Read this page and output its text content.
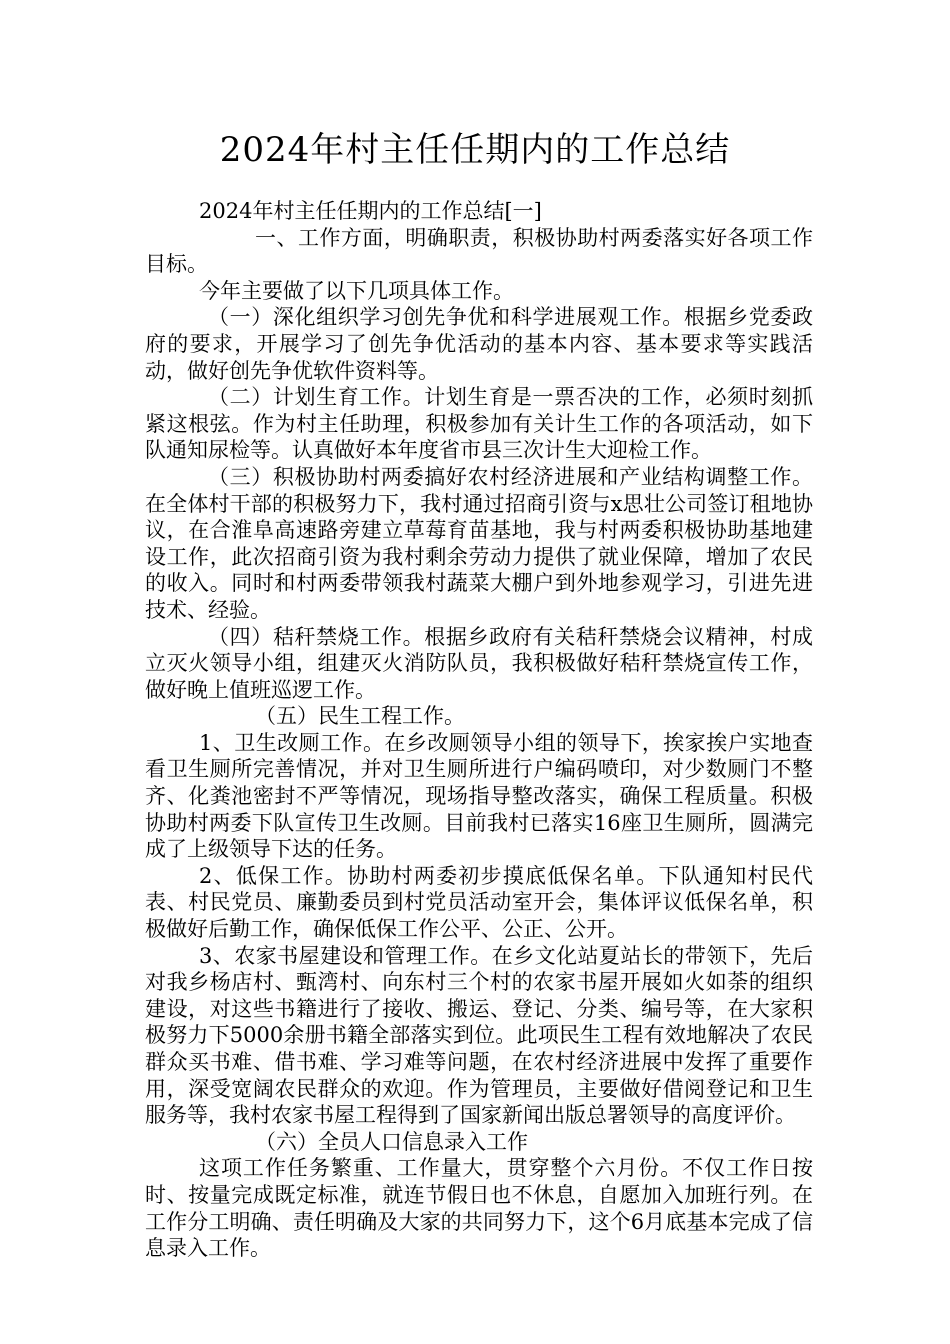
2024年村主任任期内的工作总结

2024年村主任任期内的工作总结[一]

一、工作方面，明确职责，积极协助村两委落实好各项工作目标。

今年主要做了以下几项具体工作。

（一）深化组织学习创先争优和科学进展观工作。根据乡党委政府的要求，开展学习了创先争优活动的基本内容、基本要求等实践活动，做好创先争优软件资料等。

（二）计划生育工作。计划生育是一票否决的工作，必须时刻抓紧这根弦。作为村主任助理，积极参加有关计生工作的各项活动，如下队通知尿检等。认真做好本年度省市县三次计生大迎检工作。

（三）积极协助村两委搞好农村经济进展和产业结构调整工作。在全体村干部的积极努力下，我村通过招商引资与x思壮公司签订租地协议，在合淮阜高速路旁建立草莓育苗基地，我与村两委积极协助基地建设工作，此次招商引资为我村剩余劳动力提供了就业保障，增加了农民的收入。同时和村两委带领我村蔬菜大棚户到外地参观学习，引进先进技术、经验。

（四）秸秆禁烧工作。根据乡政府有关秸秆禁烧会议精神，村成立灭火领导小组，组建灭火消防队员，我积极做好秸秆禁烧宣传工作，做好晚上值班巡逻工作。

（五）民生工程工作。

1、卫生改厕工作。在乡改厕领导小组的领导下，挨家挨户实地查看卫生厕所完善情况，并对卫生厕所进行户编码喷印，对少数厕门不整齐、化粪池密封不严等情况，现场指导整改落实，确保工程质量。积极协助村两委下队宣传卫生改厕。目前我村已落实16座卫生厕所，圆满完成了上级领导下达的任务。

2、低保工作。协助村两委初步摸底低保名单。下队通知村民代表、村民党员、廉勤委员到村党员活动室开会，集体评议低保名单，积极做好后勤工作，确保低保工作公平、公正、公开。

3、农家书屋建设和管理工作。在乡文化站夏站长的带领下，先后对我乡杨店村、甄湾村、向东村三个村的农家书屋开展如火如荼的组织建设，对这些书籍进行了接收、搬运、登记、分类、编号等，在大家积极努力下5000余册书籍全部落实到位。此项民生工程有效地解决了农民群众买书难、借书难、学习难等问题，在农村经济进展中发挥了重要作用，深受宽阔农民群众的欢迎。作为管理员，主要做好借阅登记和卫生服务等，我村农家书屋工程得到了国家新闻出版总署领导的高度评价。

（六）全员人口信息录入工作

这项工作任务繁重、工作量大，贯穿整个六月份。不仅工作日按时、按量完成既定标准，就连节假日也不休息，自愿加入加班行列。在工作分工明确、责任明确及大家的共同努力下，这个6月底基本完成了信息录入工作。
